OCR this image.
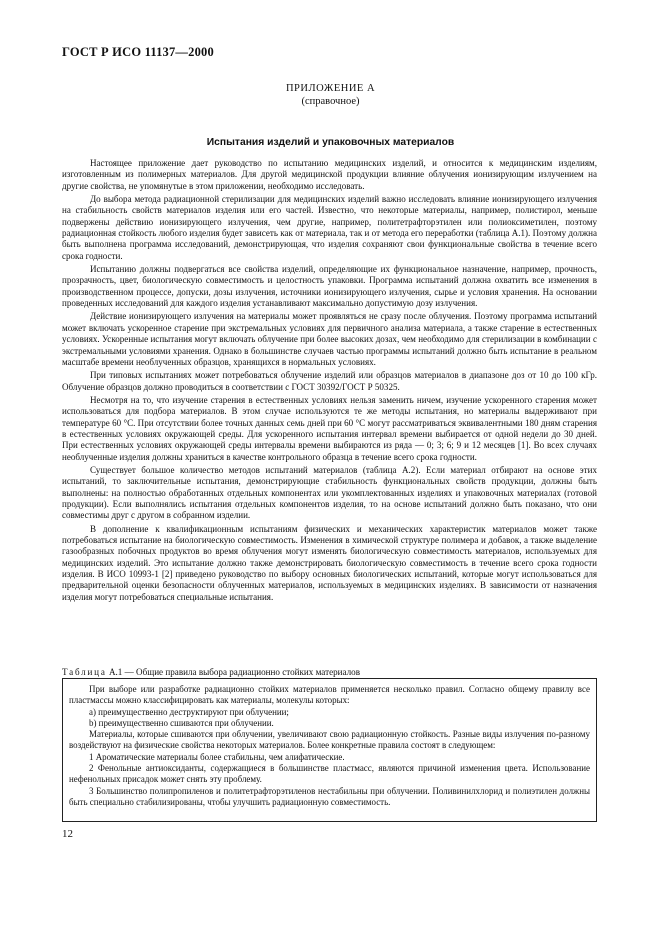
ГОСТ Р ИСО 11137—2000
ПРИЛОЖЕНИЕ А
(справочное)
Испытания изделий и упаковочных материалов

Настоящее приложение дает руководство по испытанию медицинских изделий, и относится к медицинским изделиям, изготовленным из полимерных материалов. Для другой медицинской продукции влияние облучения ионизирующим излучением на другие свойства, не упомянутые в этом приложении, необходимо исследовать.

До выбора метода радиационной стерилизации для медицинских изделий важно исследовать влияние ионизирующего излучения на стабильность свойств материалов изделия или его частей. Известно, что некоторые материалы, например, полистирол, меньше подвержены действию ионизирующего излучения, чем другие, например, политетрафторэтилен или полиоксиметилен, поэтому радиационная стойкость любого изделия будет зависеть как от материала, так и от метода его переработки (таблица А.1). Поэтому должна быть выполнена программа исследований, демонстрирующая, что изделия сохраняют свои функциональные свойства в течение всего срока годности.

Испытанию должны подвергаться все свойства изделий, определяющие их функциональное назначение, например, прочность, прозрачность, цвет, биологическую совместимость и целостность упаковки. Программа испытаний должна охватить все изменения в производственном процессе, допуски, дозы излучения, источники ионизирующего излучения, сырье и условия хранения. На основании проведенных исследований для каждого изделия устанавливают максимально допустимую дозу излучения.

Действие ионизирующего излучения на материалы может проявляться не сразу после облучения. Поэтому программа испытаний может включать ускоренное старение при экстремальных условиях для первичного анализа материала, а также старение в естественных условиях. Ускоренные испытания могут включать облучение при более высоких дозах, чем необходимо для стерилизации в комбинации с экстремальными условиями хранения. Однако в большинстве случаев частью программы испытаний должно быть испытание в реальном масштабе времени необлученных образцов, хранящихся в нормальных условиях.

При типовых испытаниях может потребоваться облучение изделий или образцов материалов в диапазоне доз от 10 до 100 кГр. Облучение образцов должно проводиться в соответствии с ГОСТ 30392/ГОСТ Р 50325.

Несмотря на то, что изучение старения в естественных условиях нельзя заменить ничем, изучение ускоренного старения может использоваться для подбора материалов. В этом случае используются те же методы испытания, но материалы выдерживают при температуре 60 °С. При отсутствии более точных данных семь дней при 60 °С могут рассматриваться эквивалентными 180 дням старения в естественных условиях окружающей среды. Для ускоренного испытания интервал времени выбирается от одной недели до 30 дней. При естественных условиях окружающей среды интервалы времени выбираются из ряда — 0; 3; 6; 9 и 12 месяцев [1]. Во всех случаях необлученные изделия должны храниться в качестве контрольного образца в течение всего срока годности.

Существует большое количество методов испытаний материалов (таблица А.2). Если материал отбирают на основе этих испытаний, то заключительные испытания, демонстрирующие стабильность функциональных свойств продукции, должны быть выполнены: на полностью обработанных отдельных компонентах или укомплектованных изделиях и упаковочных материалах (готовой продукции). Если выполнялись испытания отдельных компонентов изделия, то на основе испытаний должно быть показано, что они совместимы друг с другом в собранном изделии.

В дополнение к квалификационным испытаниям физических и механических характеристик материалов может также потребоваться испытание на биологическую совместимость. Изменения в химической структуре полимера и добавок, а также выделение газообразных побочных продуктов во время облучения могут изменять биологическую совместимость материалов, используемых для медицинских изделий. Это испытание должно также демонстрировать биологическую совместимость в течение всего срока годности изделия. В ИСО 10993-1 [2] приведено руководство по выбору основных биологических испытаний, которые могут использоваться для предварительной оценки безопасности облученных материалов, используемых в медицинских изделиях. В зависимости от назначения изделия могут потребоваться специальные испытания.

Таблица А.1 — Общие правила выбора радиационно стойких материалов

При выборе или разработке радиационно стойких материалов применяется несколько правил. Согласно общему правилу все пластмассы можно классифицировать как материалы, молекулы которых:

а) преимущественно деструктируют при облучении;

b) преимущественно сшиваются при облучении.

Материалы, которые сшиваются при облучении, увеличивают свою радиационную стойкость. Разные виды излучения по-разному воздействуют на физические свойства некоторых материалов. Более конкретные правила состоят в следующем:

1 Ароматические материалы более стабильны, чем алифатические.

2 Фенольные антиоксиданты, содержащиеся в большинстве пластмасс, являются причиной изменения цвета. Использование нефенольных присадок может снять эту проблему.

3 Большинство полипропиленов и политетрафторэтиленов нестабильны при облучении. Поливинилхлорид и полиэтилен должны быть специально стабилизированы, чтобы улучшить радиационную совместимость.

12
